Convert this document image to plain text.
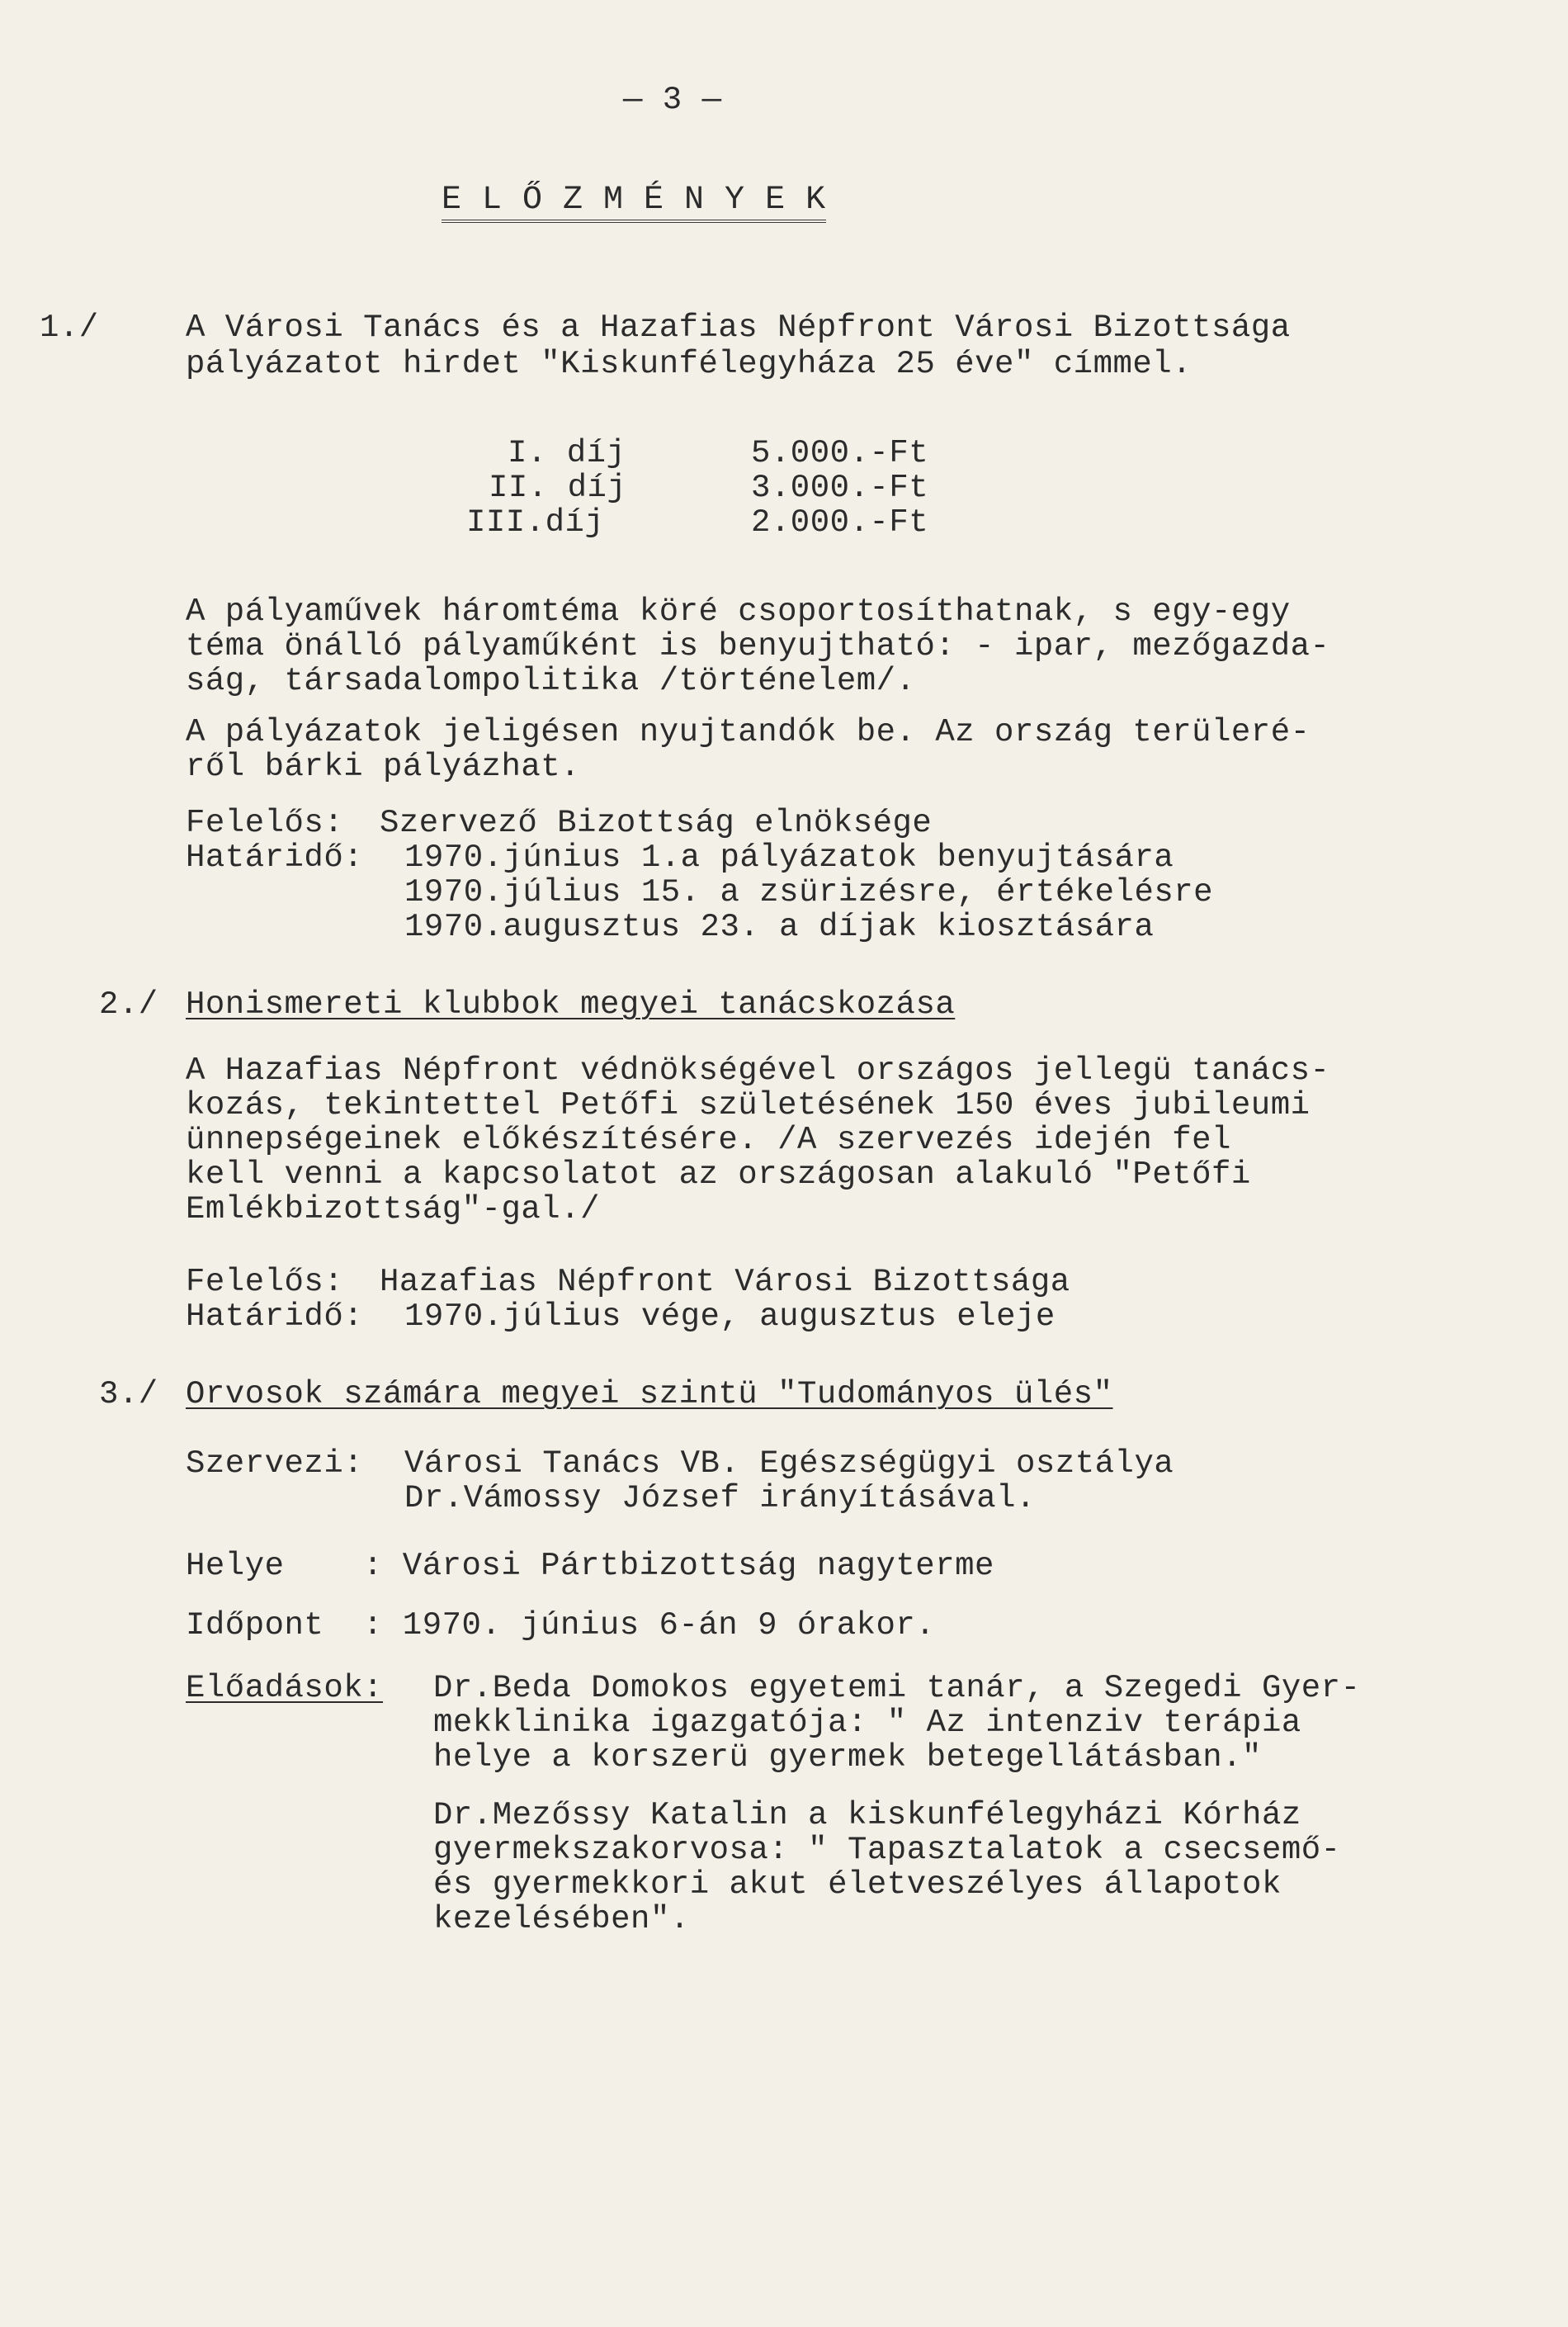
— 3 —
E L Ő Z M É N Y E K
1./	A Városi Tanács és a Hazafias Népfront Városi Bizottsága
pályázatot hirdet "Kiskunfélegyháza 25 éve" címmel.
I. díj	5.000.-Ft
II. díj	3.000.-Ft
III.díj	2.000.-Ft
A pályaművek háromtéma köré csoportosíthatnak, s egy-egy
téma önálló pályaműként is benyujtható: - ipar, mezőgazda-
ság, társadalompolitika /történelem/.
A pályázatok jeligésen nyujtandók be. Az ország terüleré-
ről bárki pályázhat.
Felelős: Szervező Bizottság elnöksége
Határidő: 1970.június 1.a pályázatok benyujtására
1970.július 15. a zsürizésre, értékelésre
1970.augusztus 23. a díjak kiosztására
2./ Honismereti klubbok megyei tanácskozása
A Hazafias Népfront védnökségével országos jellegü tanács-
kozás, tekintettel Petőfi születésének 150 éves jubileumi
ünnepségeinek előkészítésére. /A szervezés idején fel
kell venni a kapcsolatot az országosan alakuló "Petőfi
Emlékbizottság"-gal./
Felelős: Hazafias Népfront Városi Bizottsága
Határidő: 1970.július vége, augusztus eleje
3./ Orvosok számára megyei szintü "Tudományos ülés"
Szervezi: Városi Tanács VB. Egészségügyi osztálya
Dr.Vámossy József irányításával.
Helye : Városi Pártbizottság nagyterme
Időpont : 1970. június 6-án 9 órakor.
Előadások: Dr.Beda Domokos egyetemi tanár, a Szegedi Gyer-
mekklinika igazgatója: " Az intenziv terápia
helye a korszerü gyermek betegellátásban."
Dr.Mezőssy Katalin a kiskunfélegyházi Kórház
gyermekszakorvosa: " Tapasztalatok a csecsemő-
és gyermekkori akut életveszélyes állapotok
kezelésében".
